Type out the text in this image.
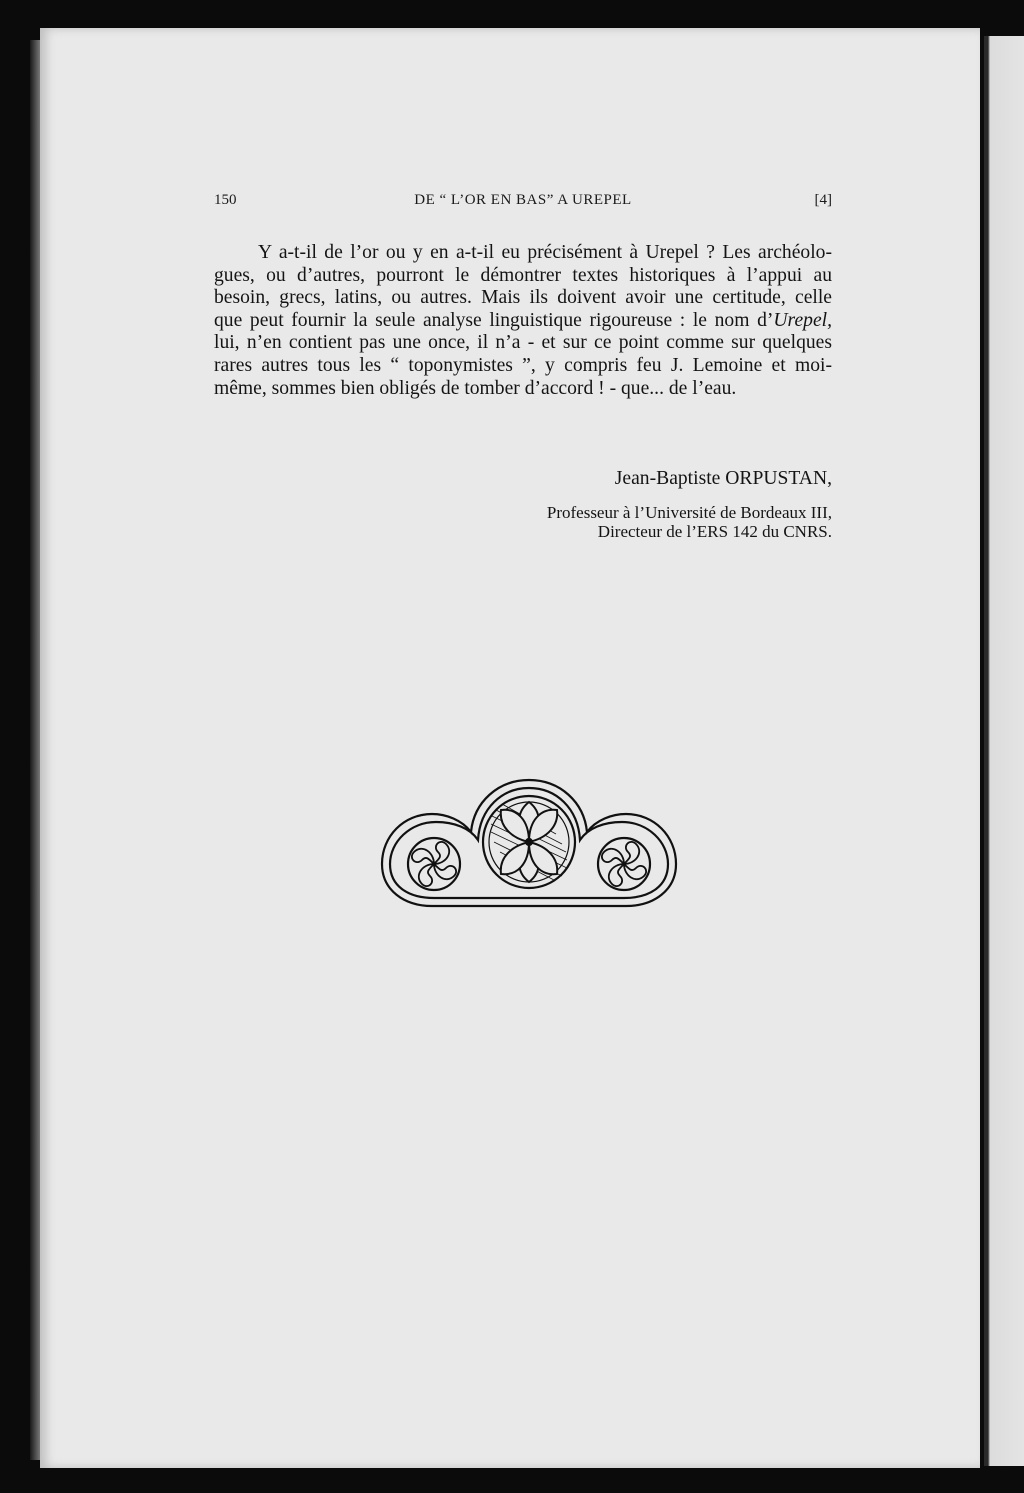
150	DE “ L’OR EN BAS” A UREPEL	[4]
Y a-t-il de l’or ou y en a-t-il eu précisément à Urepel ? Les archéolo-
gues, ou d’autres, pourront le démontrer textes historiques à l’appui au
besoin, grecs, latins, ou autres. Mais ils doivent avoir une certitude, celle
que peut fournir la seule analyse linguistique rigoureuse : le nom d’Urepel,
lui, n’en contient pas une once, il n’a - et sur ce point comme sur quelques
rares autres tous les “ toponymistes ”, y compris feu J. Lemoine et moi-
même, sommes bien obligés de tomber d’accord ! - que... de l’eau.
Jean-Baptiste ORPUSTAN,
Professeur à l’Université de Bordeaux III,
Directeur de l’ERS 142 du CNRS.
